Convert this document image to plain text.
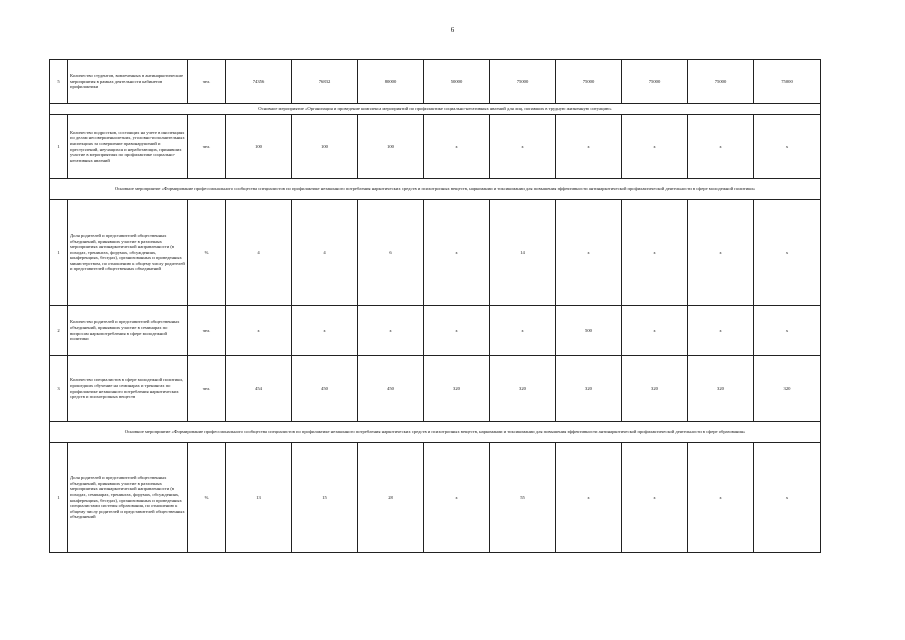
6
5	Количество студентов, вовлеченных в антинаркотические мероприятия в рамках деятельности кабинетов профилактики	чел.	74356	76832	80000	50000	75000	75000	75000	75000	75000
Основное мероприятие «Организация и проведение комплекса мероприятий по профилактике социально-негативных явлений для лиц, попавших в трудную жизненную ситуацию»											
1	Количество подростков, состоящих на учете в инспекциях по делам несовершеннолетних, уголовно-исполнительных инспекциях за совершение правонарушений и преступлений, неучащихся и неработающих, принявших участие в мероприятиях по профилактике социально-негативных явлений	чел.	100	100	100	x	x	x	x	x	x
Основное мероприятие «Формирование профессионального сообщества специалистов по профилактике незаконного потребления наркотических средств и психотропных веществ, наркомании и токсикомании для повышения эффективности антинаркотической профилактической деятельности в сфере молодежной политики»											
1	Доля родителей и представителей общественных объединений, принявших участие в различных мероприятиях антинаркотической направленности (в походах, тренингах, форумах, обсуждениях, конференциях, беседах), организованных и проведенных министерством, по отношению к общему числу родителей и представителей общественных объединений	%	4	4	6	x	14	x	x	x	x
2	Количество родителей и представителей общественных объединений, принявших участие в семинарах по вопросам наркопотребления в сфере молодежной политики	чел.	x	x	x	x	x	500	x	x	x
3	Количество специалистов в сфере молодежной политики, прошедших обучение на семинарах и тренингах по профилактике незаконного потребления наркотических средств и психотропных веществ	чел.	454	450	450	320	320	320	320	320	320
Основное мероприятие «Формирование профессионального сообщества специалистов по профилактике незаконного потребления наркотических средств и психотропных веществ, наркомании и токсикомании для повышения эффективности антинаркотической профилактической деятельности в сфере образования»											
1	Доля родителей и представителей общественных объединений, принявших участие в различных мероприятиях антинаркотической направленности (в походах, семинарах, тренингах, форумах, обсуждениях, конференциях, беседах), организованных и проведенных специалистами системы образования, по отношению к общему числу родителей и представителей общественных объединений	%	13	15	28	x	55	x	x	x	x
